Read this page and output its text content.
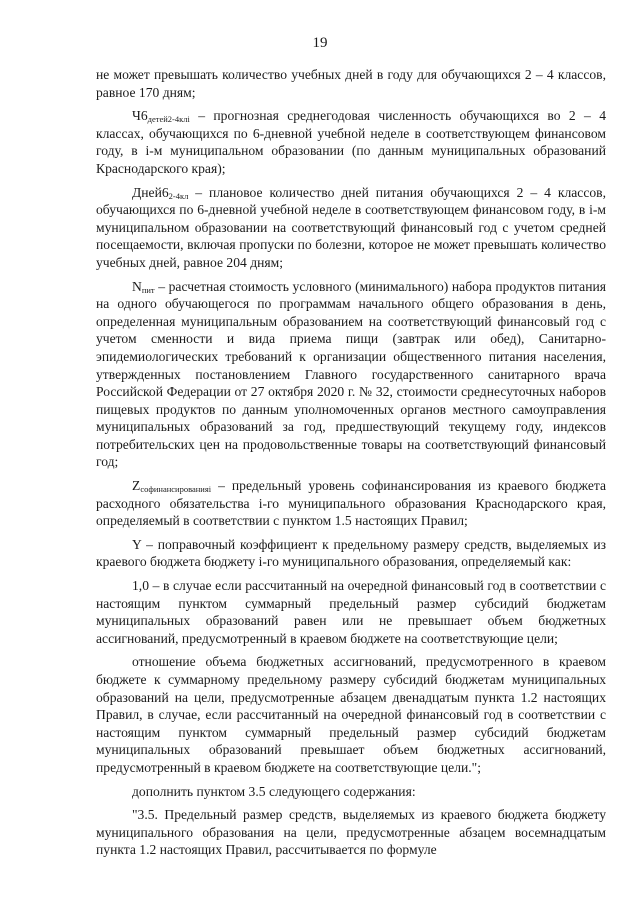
19

не может превышать количество учебных дней в году для обучающихся 2 – 4 классов, равное 170 дням;

$Ч6_{детей2-4клi}$ – прогнозная среднегодовая численность обучающихся во 2 – 4 классах, обучающихся по 6-дневной учебной неделе в соответствующем финансовом году, в i-м муниципальном образовании (по данным муниципальных образований Краснодарского края);

$Дней6_{2-4кл}$ – плановое количество дней питания обучающихся 2 – 4 классов, обучающихся по 6-дневной учебной неделе в соответствующем финансовом году, в i-м муниципальном образовании на соответствующий финансовый год с учетом средней посещаемости, включая пропуски по болезни, которое не может превышать количество учебных дней, равное 204 дням;

$N_{пит}$ – расчетная стоимость условного (минимального) набора продуктов питания на одного обучающегося по программам начального общего образования в день, определенная муниципальным образованием на соответствующий финансовый год с учетом сменности и вида приема пищи (завтрак или обед), Санитарно-эпидемиологических требований к организации общественного питания населения, утвержденных постановлением Главного государственного санитарного врача Российской Федерации от 27 октября 2020 г. № 32, стоимости среднесуточных наборов пищевых продуктов по данным уполномоченных органов местного самоуправления муниципальных образований за год, предшествующий текущему году, индексов потребительских цен на продовольственные товары на соответствующий финансовый год;

$Z_{софинансированияi}$ – предельный уровень софинансирования из краевого бюджета расходного обязательства i-го муниципального образования Краснодарского края, определяемый в соответствии с пунктом 1.5 настоящих Правил;

Y – поправочный коэффициент к предельному размеру средств, выделяемых из краевого бюджета бюджету i-го муниципального образования, определяемый как:

1,0 – в случае если рассчитанный на очередной финансовый год в соответствии с настоящим пунктом суммарный предельный размер субсидий бюджетам муниципальных образований равен или не превышает объем бюджетных ассигнований, предусмотренный в краевом бюджете на соответствующие цели;

отношение объема бюджетных ассигнований, предусмотренного в краевом бюджете к суммарному предельному размеру субсидий бюджетам муниципальных образований на цели, предусмотренные абзацем двенадцатым пункта 1.2 настоящих Правил, в случае, если рассчитанный на очередной финансовый год в соответствии с настоящим пунктом суммарный предельный размер субсидий бюджетам муниципальных образований превышает объем бюджетных ассигнований, предусмотренный в краевом бюджете на соответствующие цели.";

дополнить пунктом 3.5 следующего содержания:

"3.5. Предельный размер средств, выделяемых из краевого бюджета бюджету муниципального образования на цели, предусмотренные абзацем восемнадцатым пункта 1.2 настоящих Правил, рассчитывается по формуле
